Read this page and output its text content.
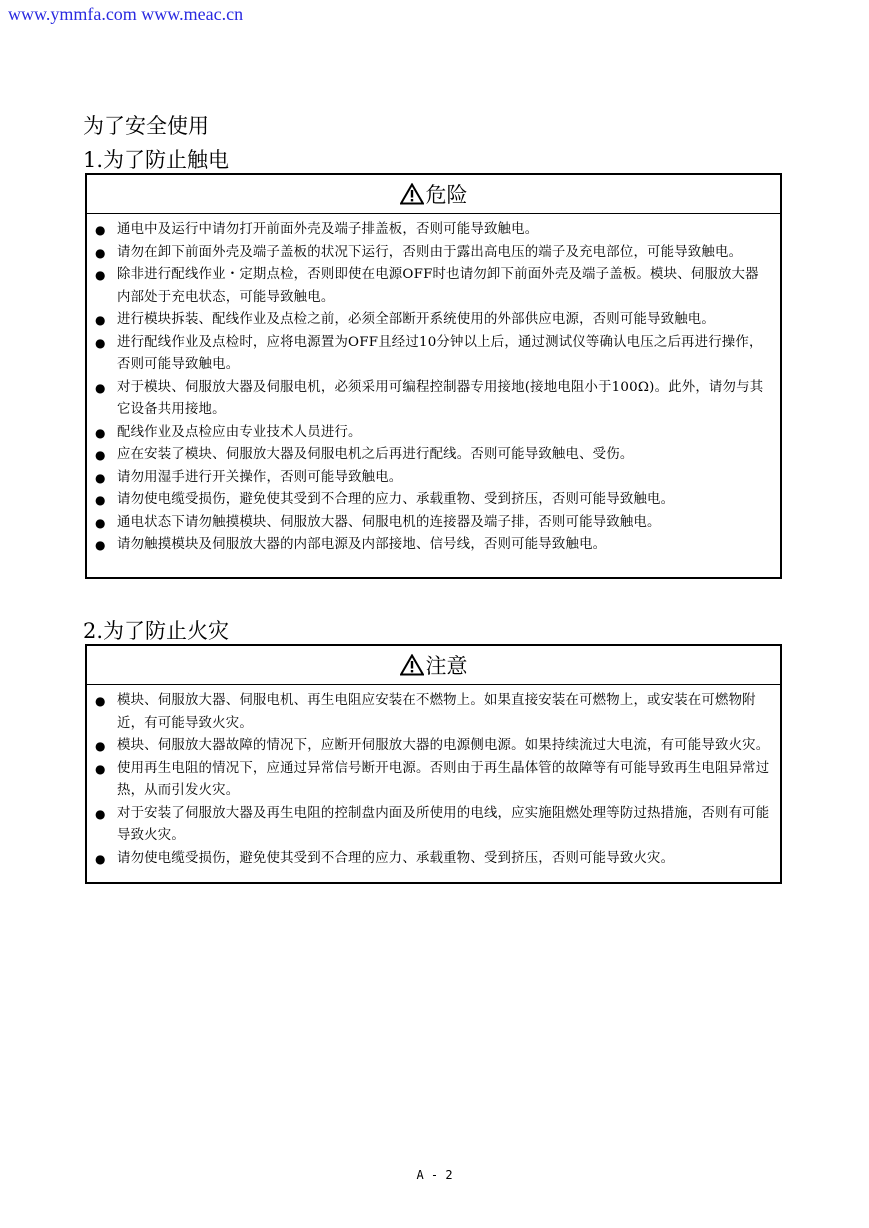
www.ymmfa.com www.meac.cn
为了安全使用
1.为了防止触电
危险
● 通电中及运行中请勿打开前面外壳及端子排盖板，否则可能导致触电。
● 请勿在卸下前面外壳及端子盖板的状况下运行，否则由于露出高电压的端子及充电部位，可能导致触电。
● 除非进行配线作业・定期点检，否则即使在电源OFF时也请勿卸下前面外壳及端子盖板。模块、伺服放大器内部处于充电状态，可能导致触电。
● 进行模块拆装、配线作业及点检之前，必须全部断开系统使用的外部供应电源，否则可能导致触电。
● 进行配线作业及点检时，应将电源置为OFF且经过10分钟以上后，通过测试仪等确认电压之后再进行操作，否则可能导致触电。
● 对于模块、伺服放大器及伺服电机，必须采用可编程控制器专用接地(接地电阻小于100Ω)。此外，请勿与其它设备共用接地。
● 配线作业及点检应由专业技术人员进行。
● 应在安装了模块、伺服放大器及伺服电机之后再进行配线。否则可能导致触电、受伤。
● 请勿用湿手进行开关操作，否则可能导致触电。
● 请勿使电缆受损伤，避免使其受到不合理的应力、承载重物、受到挤压，否则可能导致触电。
● 通电状态下请勿触摸模块、伺服放大器、伺服电机的连接器及端子排，否则可能导致触电。
● 请勿触摸模块及伺服放大器的内部电源及内部接地、信号线，否则可能导致触电。
2.为了防止火灾
注意
● 模块、伺服放大器、伺服电机、再生电阻应安装在不燃物上。如果直接安装在可燃物上，或安装在可燃物附近，有可能导致火灾。
● 模块、伺服放大器故障的情况下，应断开伺服放大器的电源侧电源。如果持续流过大电流，有可能导致火灾。
● 使用再生电阻的情况下，应通过异常信号断开电源。否则由于再生晶体管的故障等有可能导致再生电阻异常过热，从而引发火灾。
● 对于安装了伺服放大器及再生电阻的控制盘内面及所使用的电线，应实施阻燃处理等防过热措施，否则有可能导致火灾。
● 请勿使电缆受损伤，避免使其受到不合理的应力、承载重物、受到挤压，否则可能导致火灾。
A - 2
